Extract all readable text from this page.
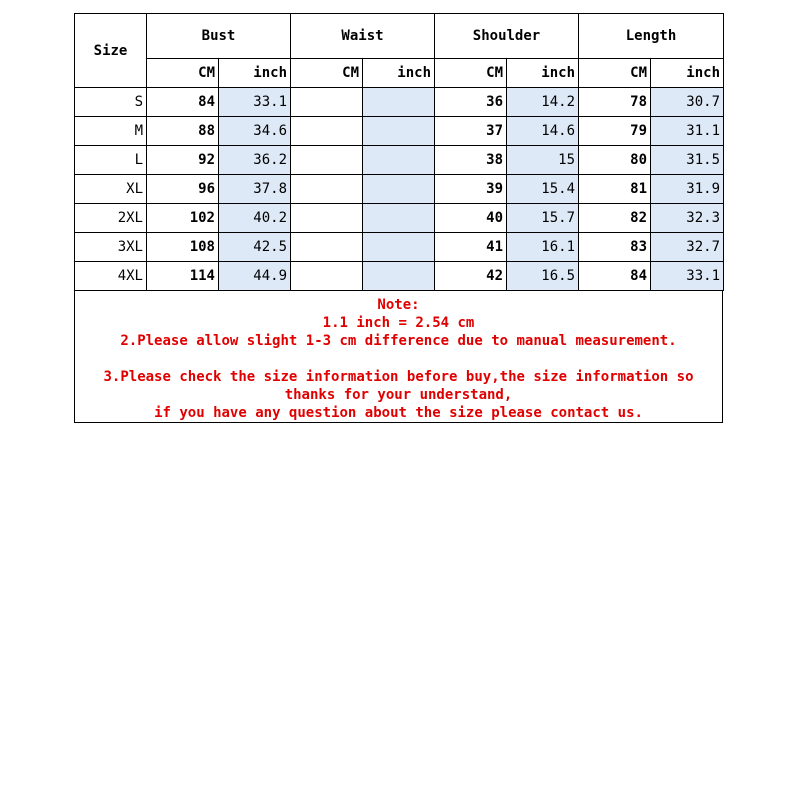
Size	Bust		Waist		Shoulder		Length	
	CM	inch	CM	inch	CM	inch	CM	inch
S	84	33.1			36	14.2	78	30.7
M	88	34.6			37	14.6	79	31.1
L	92	36.2			38	15	80	31.5
XL	96	37.8			39	15.4	81	31.9
2XL	102	40.2			40	15.7	82	32.3
3XL	108	42.5			41	16.1	83	32.7
4XL	114	44.9			42	16.5	84	33.1
Note:
1.1 inch = 2.54 cm
2.Please allow slight 1-3 cm difference due to manual measurement.
3.Please check the size information before buy,the size information so
thanks for your understand,
if you have any question about the size please contact us.
